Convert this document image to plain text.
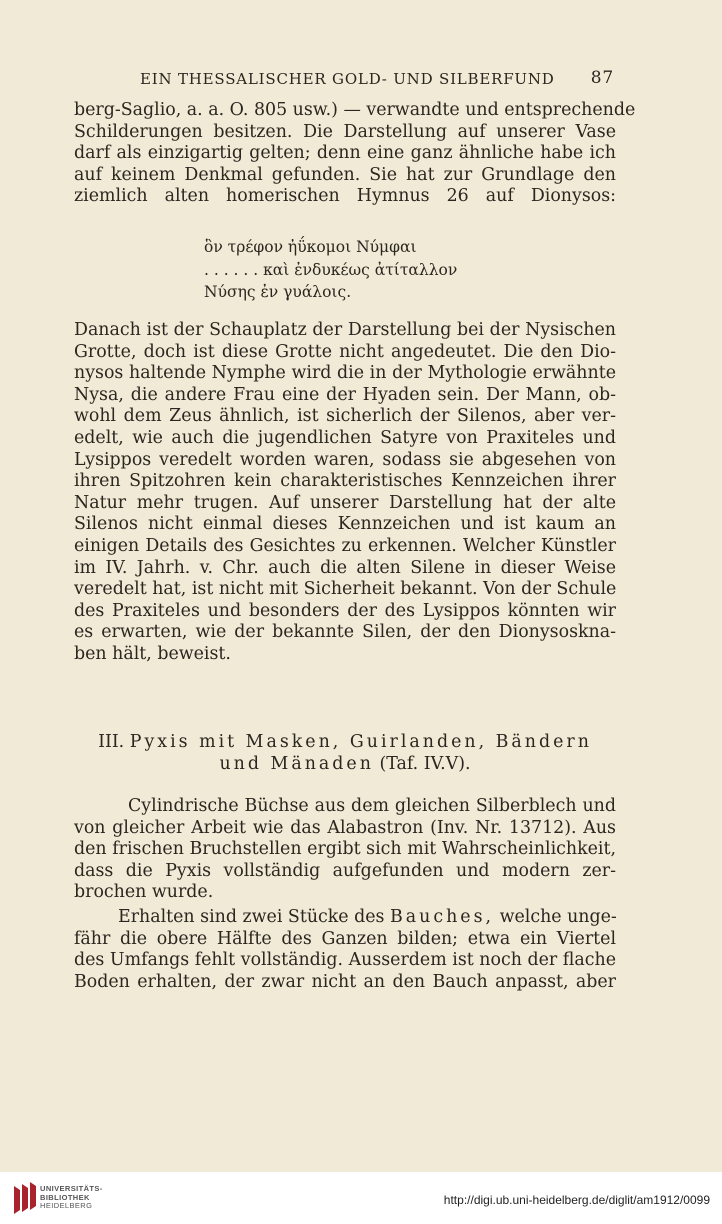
EIN THESSALISCHER GOLD- UND SILBERFUND 87
berg-Saglio, a. a. O. 805 usw.) — verwandte und entsprechende
Schilderungen besitzen. Die Darstellung auf unserer Vase
darf als einzigartig gelten; denn eine ganz ähnliche habe ich
auf keinem Denkmal gefunden. Sie hat zur Grundlage den
ziemlich alten homerischen Hymnus 26 auf Dionysos:
ὃν τρέφον ἠΰκομοι Νύμφαι
. . . . . . καὶ ἐνδυκέως ἀτίταλλον
Νύσης ἐν γυάλοις.
Danach ist der Schauplatz der Darstellung bei der Nysischen
Grotte, doch ist diese Grotte nicht angedeutet. Die den Dio-
nysos haltende Nymphe wird die in der Mythologie erwähnte
Nysa, die andere Frau eine der Hyaden sein. Der Mann, ob-
wohl dem Zeus ähnlich, ist sicherlich der Silenos, aber ver-
edelt, wie auch die jugendlichen Satyre von Praxiteles und
Lysippos veredelt worden waren, sodass sie abgesehen von
ihren Spitzohren kein charakteristisches Kennzeichen ihrer
Natur mehr trugen. Auf unserer Darstellung hat der alte
Silenos nicht einmal dieses Kennzeichen und ist kaum an
einigen Details des Gesichtes zu erkennen. Welcher Künstler
im IV. Jahrh. v. Chr. auch die alten Silene in dieser Weise
veredelt hat, ist nicht mit Sicherheit bekannt. Von der Schule
des Praxiteles und besonders der des Lysippos könnten wir
es erwarten, wie der bekannte Silen, der den Dionysoskna-
ben hält, beweist.
III. Pyxis mit Masken, Guirlanden, Bändern
und Mänaden (Taf. IV.V).
Cylindrische Büchse aus dem gleichen Silberblech und
von gleicher Arbeit wie das Alabastron (Inv. Nr. 13712). Aus
den frischen Bruchstellen ergibt sich mit Wahrscheinlichkeit,
dass die Pyxis vollständig aufgefunden und modern zer-
brochen wurde.
Erhalten sind zwei Stücke des Bauches, welche unge-
fähr die obere Hälfte des Ganzen bilden; etwa ein Viertel
des Umfangs fehlt vollständig. Ausserdem ist noch der flache
Boden erhalten, der zwar nicht an den Bauch anpasst, aber
UNIVERSITÄTS-
BIBLIOTHEK
HEIDELBERG	http://digi.ub.uni-heidelberg.de/diglit/am1912/0099
